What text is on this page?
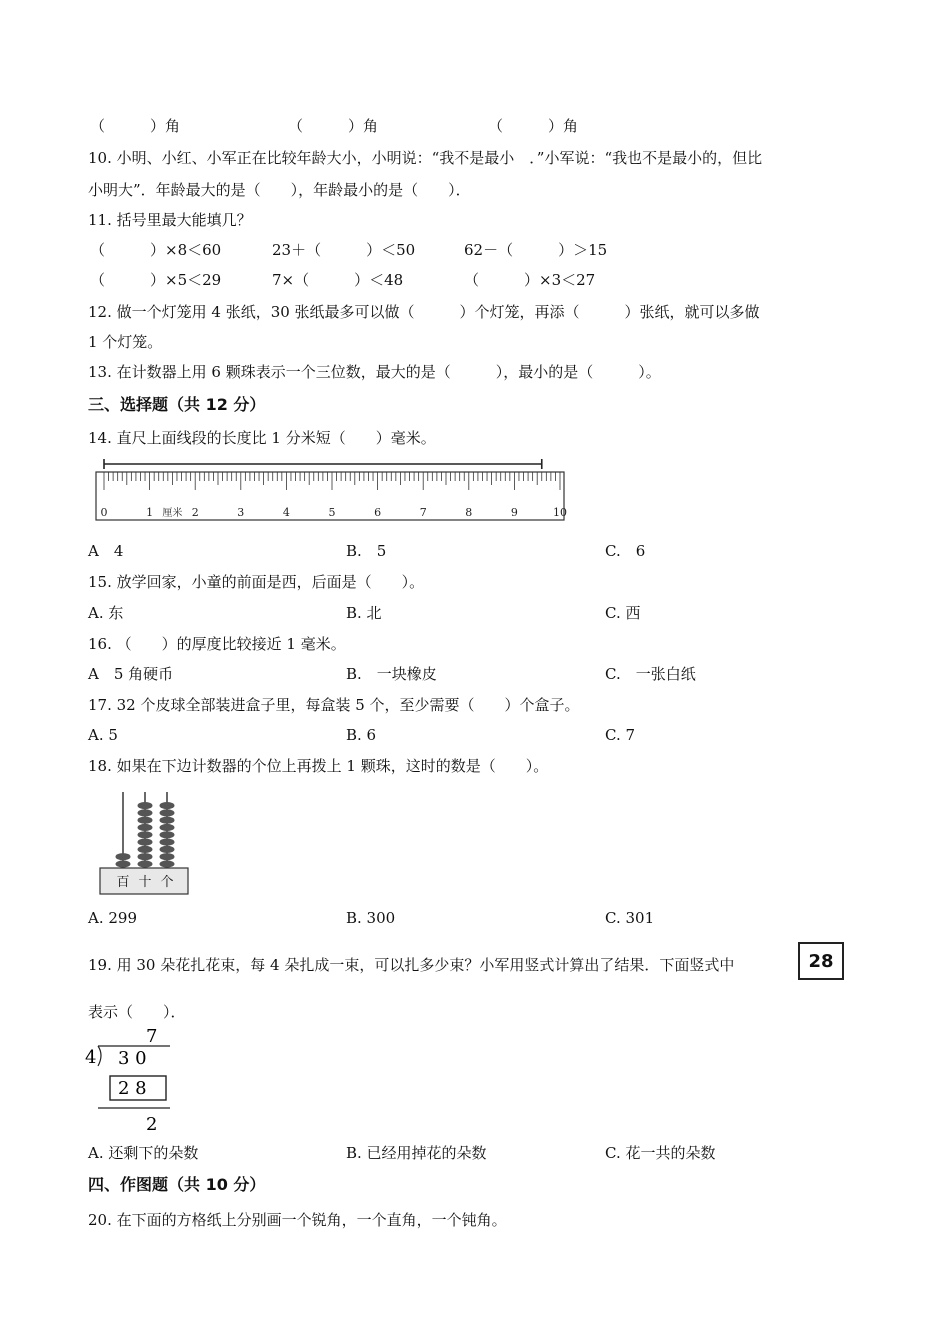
（　　　）角	（　　　）角	（　　　）角
10. 小明、小红、小军正在比较年龄大小，小明说：“我不是最小　．”小军说：“我也不是最小的，但比
小明大”．年龄最大的是（　　），年龄最小的是（　　）．
11. 括号里最大能填几？
（　　　）×8＜60	23＋（　　　）＜50	62－（　　　）＞15
（　　　）×5＜29	7×（　　　）＜48	（　　　）×3＜27
12. 做一个灯笼用 4 张纸，30 张纸最多可以做（　　　）个灯笼，再添（　　　）张纸，就可以多做
1 个灯笼。
13. 在计数器上用 6 颗珠表示一个三位数，最大的是（　　　），最小的是（　　　）。
三、选择题（共 12 分）
14. 直尺上面线段的长度比 1 分米短（　　）毫米。
0	1	2	3	4	5	6	7	8	9	10
厘米
A　4	B.　5	C.　6
15. 放学回家，小童的前面是西，后面是（　　）。
A. 东	B. 北	C. 西
16. （　　）的厚度比较接近 1 毫米。
A　5 角硬币	B.　一块橡皮	C.　一张白纸
17. 32 个皮球全部装进盒子里，每盒装 5 个，至少需要（　　）个盒子。
A. 5	B. 6	C. 7
18. 如果在下边计数器的个位上再拨上 1 颗珠，这时的数是（　　）。
百 十 个
A. 299	B. 300	C. 301
19. 用 30 朵花扎花束，每 4 朵扎成一束，可以扎多少束？小军用竖式计算出了结果．下面竖式中	28
表示（　　）．
7
4 3 0
2 8
2
A. 还剩下的朵数	B. 已经用掉花的朵数	C. 花一共的朵数
四、作图题（共 10 分）
20. 在下面的方格纸上分别画一个锐角，一个直角，一个钝角。
